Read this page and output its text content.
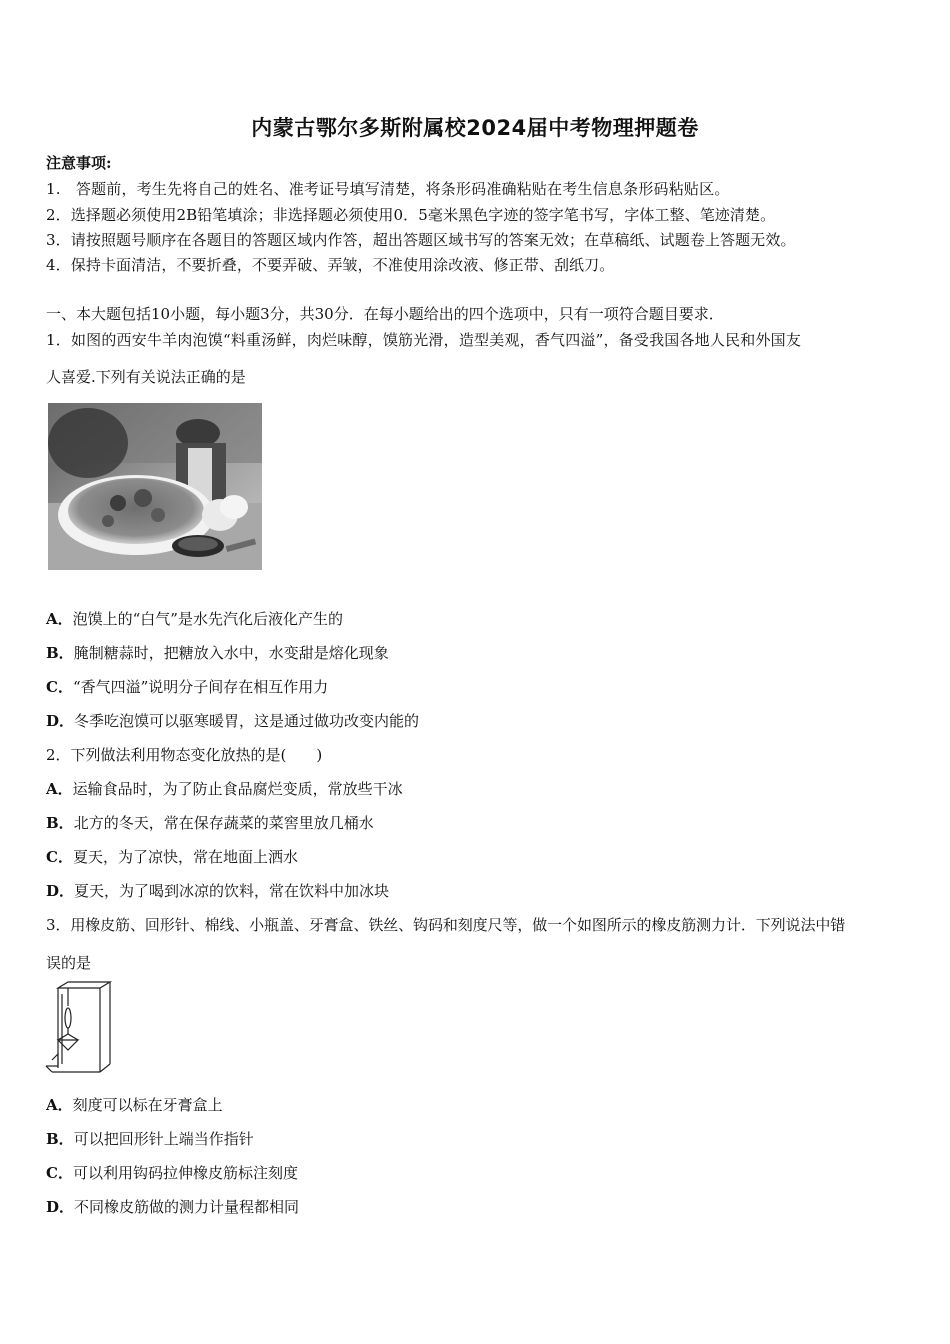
内蒙古鄂尔多斯附属校2024届中考物理押题卷
注意事项:
1.　答题前，考生先将自己的姓名、准考证号填写清楚，将条形码准确粘贴在考生信息条形码粘贴区。
2．选择题必须使用2B铅笔填涂；非选择题必须使用0．5毫米黑色字迹的签字笔书写，字体工整、笔迹清楚。
3．请按照题号顺序在各题目的答题区域内作答，超出答题区域书写的答案无效；在草稿纸、试题卷上答题无效。
4．保持卡面清洁，不要折叠，不要弄破、弄皱，不准使用涂改液、修正带、刮纸刀。
一、本大题包括10小题，每小题3分，共30分．在每小题给出的四个选项中，只有一项符合题目要求．
1．如图的西安牛羊肉泡馍“料重汤鲜，肉烂味醇，馍筋光滑，造型美观，香气四溢”，备受我国各地人民和外国友
人喜爱.下列有关说法正确的是
A．泡馍上的“白气”是水先汽化后液化产生的
B．腌制糖蒜时，把糖放入水中，水变甜是熔化现象
C．“香气四溢”说明分子间存在相互作用力
D．冬季吃泡馍可以驱寒暖胃，这是通过做功改变内能的
2．下列做法利用物态变化放热的是(　　)
A．运输食品时，为了防止食品腐烂变质，常放些干冰
B．北方的冬天，常在保存蔬菜的菜窖里放几桶水
C．夏天，为了凉快，常在地面上洒水
D．夏天，为了喝到冰凉的饮料，常在饮料中加冰块
3．用橡皮筋、回形针、棉线、小瓶盖、牙膏盒、铁丝、钩码和刻度尺等，做一个如图所示的橡皮筋测力计．下列说法中错
误的是
A．刻度可以标在牙膏盒上
B．可以把回形针上端当作指针
C．可以利用钩码拉伸橡皮筋标注刻度
D．不同橡皮筋做的测力计量程都相同
